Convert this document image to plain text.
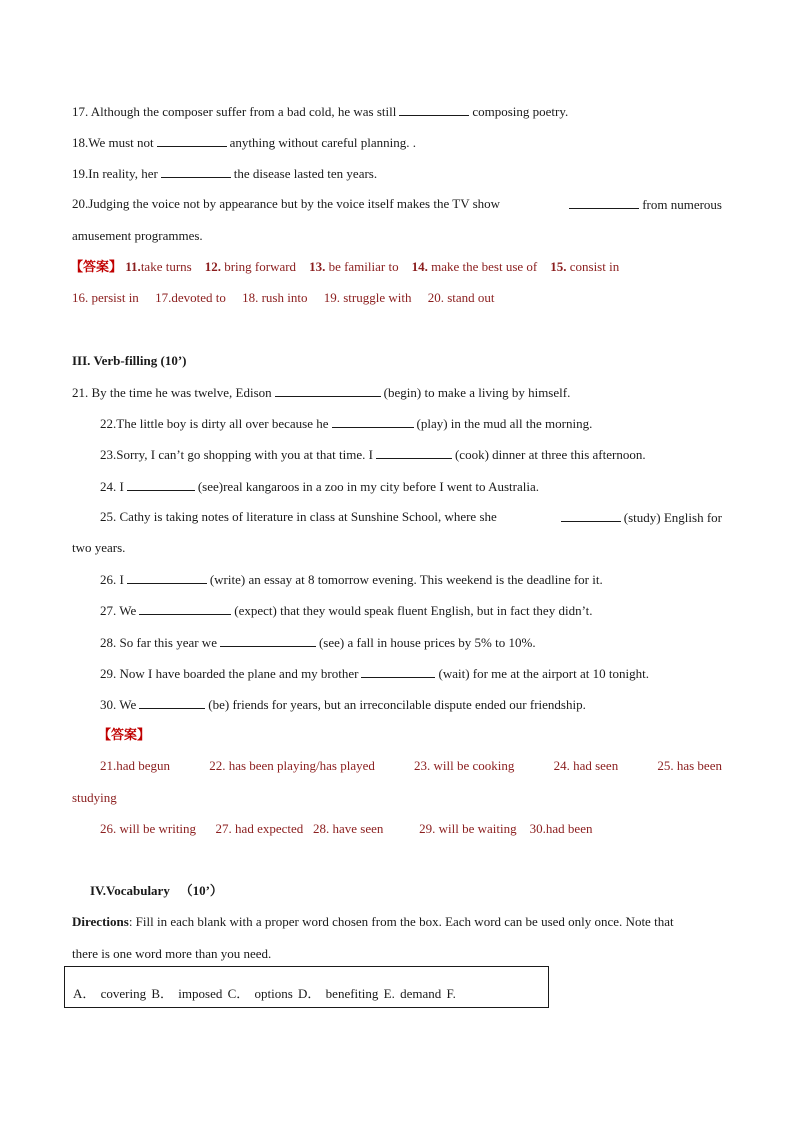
17. Although the composer suffer from a bad cold, he was still	composing poetry.
18.We must not	anything without careful planning. .
19.In reality, her	the disease lasted ten years.
20.Judging the voice not by appearance but by the voice itself makes the TV show	from numerous
amusement programmes.
【答案】 11.take turns 12. bring forward 13. be familiar to 14. make the best use of 15. consist in
16. persist in 17.devoted to 18. rush into 19. struggle with 20. stand out
III. Verb-filling (10’)
21. By the time he was twelve, Edison	(begin) to make a living by himself.
22.The little boy is dirty all over because he	(play) in the mud all the morning.
23.Sorry, I can’t go shopping with you at that time. I	(cook) dinner at three this afternoon.
24. I	(see)real kangaroos in a zoo in my city before I went to Australia.
25. Cathy is taking notes of literature in class at Sunshine School, where she	(study) English for
two years.
26. I	(write) an essay at 8 tomorrow evening. This weekend is the deadline for it.
27. We	(expect) that they would speak fluent English, but in fact they didn’t.
28. So far this year we	(see) a fall in house prices by 5% to 10%.
29. Now I have boarded the plane and my brother	(wait) for me at the airport at 10 tonight.
30. We	(be) friends for years, but an irreconcilable dispute ended our friendship.
【答案】
21.had begun	22. has been playing/has played	23. will be cooking	24. had seen	25. has been
studying
26. will be writing 27. had expected 28. have seen	29. will be waiting 30.had been
IV.Vocabulary （10’）
Directions: Fill in each blank with a proper word chosen from the box. Each word can be used only once. Note that
there is one word more than you need.
A． covering B． imposed C． options D． benefiting E. demand F.
